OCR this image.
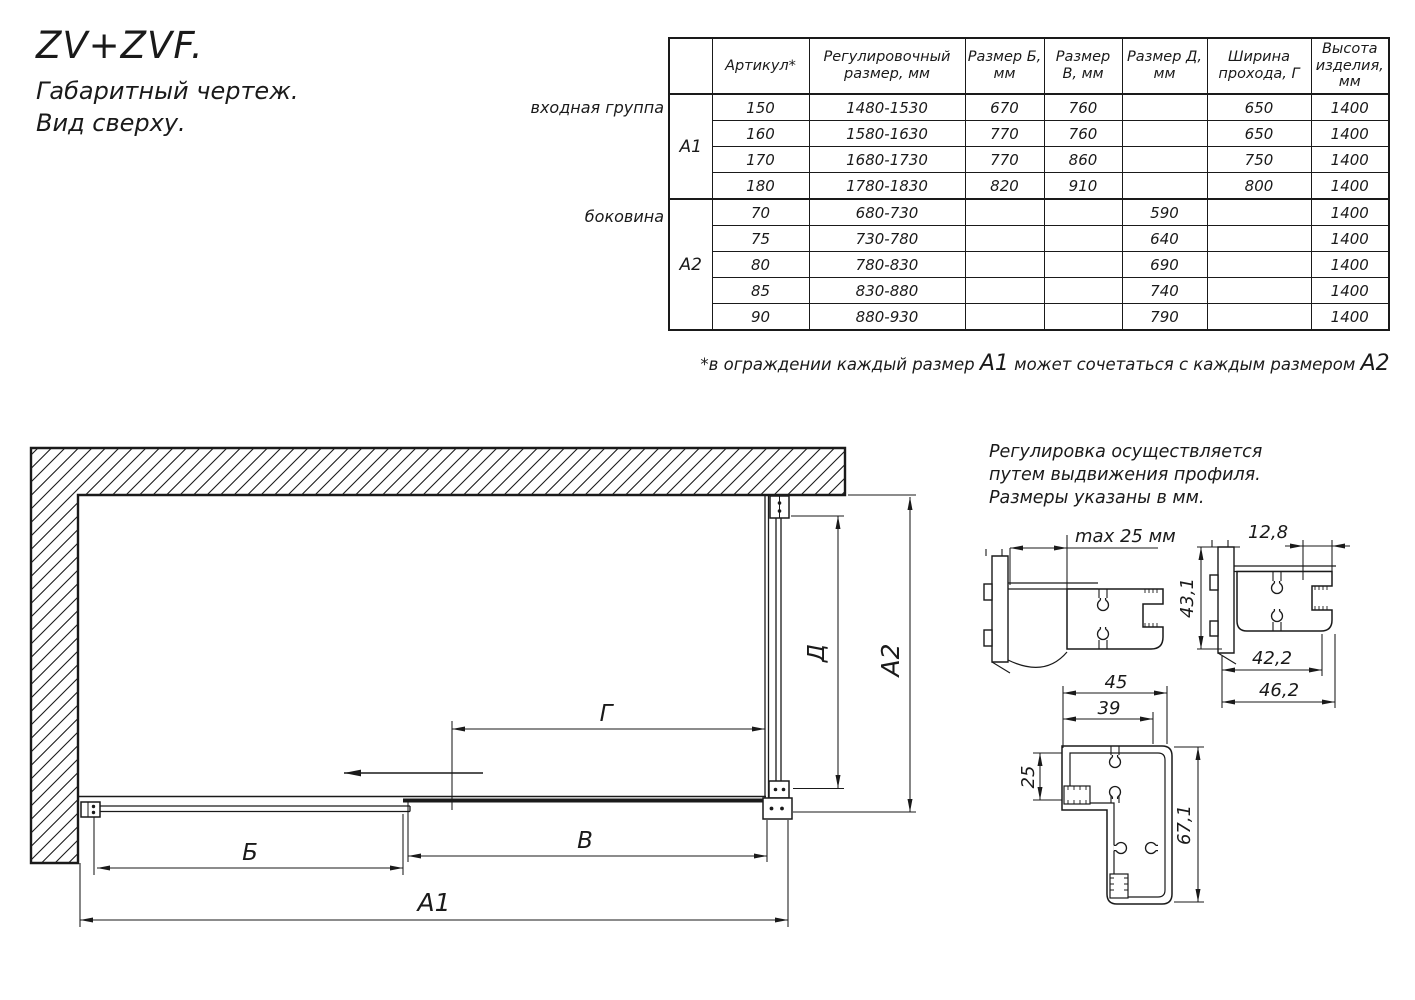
ZV+ZVF.
Габаритный чертеж.
Вид сверху.
	Артикул*	Регулировочный размер, мм	Размер Б, мм	Размер В, мм	Размер Д, мм	Ширина прохода, Г	Высота изделия, мм
А1	150	1480-1530	670	760		650	1400
	160	1580-1630	770	760		650	1400
	170	1680-1730	770	860		750	1400
	180	1780-1830	820	910		800	1400
А2	70	680-730			590		1400
	75	730-780			640		1400
	80	780-830			690		1400
	85	830-880			740		1400
	90	880-930			790		1400
входная группа
боковина
*в ограждении каждый размер А1 может сочетаться с каждым размером А2
Регулировка осуществляется
путем выдвижения профиля.
Размеры указаны в мм.
Б	В
А1
Г
Д А2
max 25 мм	12,8
43,1
42,2
46,2
45
39
25
67,1
